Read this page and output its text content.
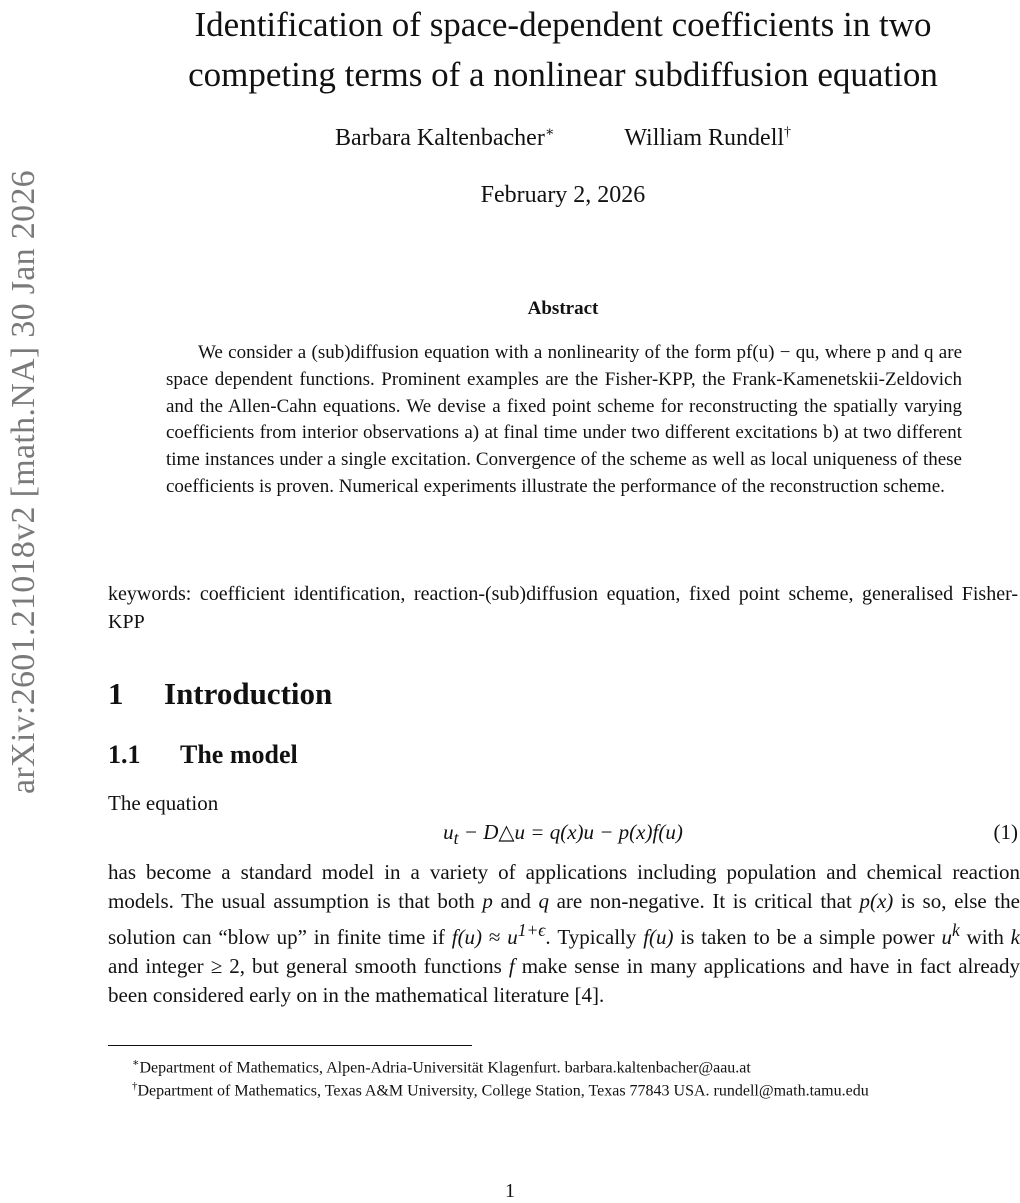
arXiv:2601.21018v2 [math.NA] 30 Jan 2026
Identification of space-dependent coefficients in two
competing terms of a nonlinear subdiffusion equation
Barbara Kaltenbacher∗	William Rundell†
February 2, 2026
Abstract

We consider a (sub)diffusion equation with a nonlinearity of the form pf(u) − qu, where p and q are space dependent functions. Prominent examples are the Fisher-KPP, the Frank-Kamenetskii-Zeldovich and the Allen-Cahn equations. We devise a fixed point scheme for reconstructing the spatially varying coefficients from interior observations a) at final time under two different excitations b) at two different time instances under a single excitation. Convergence of the scheme as well as local uniqueness of these coefficients is proven. Numerical experiments illustrate the performance of the reconstruction scheme.

keywords: coefficient identification, reaction-(sub)diffusion equation, fixed point scheme, generalised Fisher-KPP

1 Introduction
1.1 The model

The equation

$u_t$ − D△u = q(x)u − p(x)f(u)	(1)

has become a standard model in a variety of applications including population and chemical reaction models. The usual assumption is that both p and q are non-negative. It is critical that p(x) is so, else the solution can “blow up” in finite time if $f(u) \approx u^{1+\epsilon}$. Typically f(u) is taken to be a simple power $u^k$ with k and integer ≥ 2, but general smooth functions f make sense in many applications and have in fact already been considered early on in the mathematical literature [4].

∗Department of Mathematics, Alpen-Adria-Universität Klagenfurt. barbara.kaltenbacher@aau.at

†Department of Mathematics, Texas A&M University, College Station, Texas 77843 USA. rundell@math.tamu.edu

1
